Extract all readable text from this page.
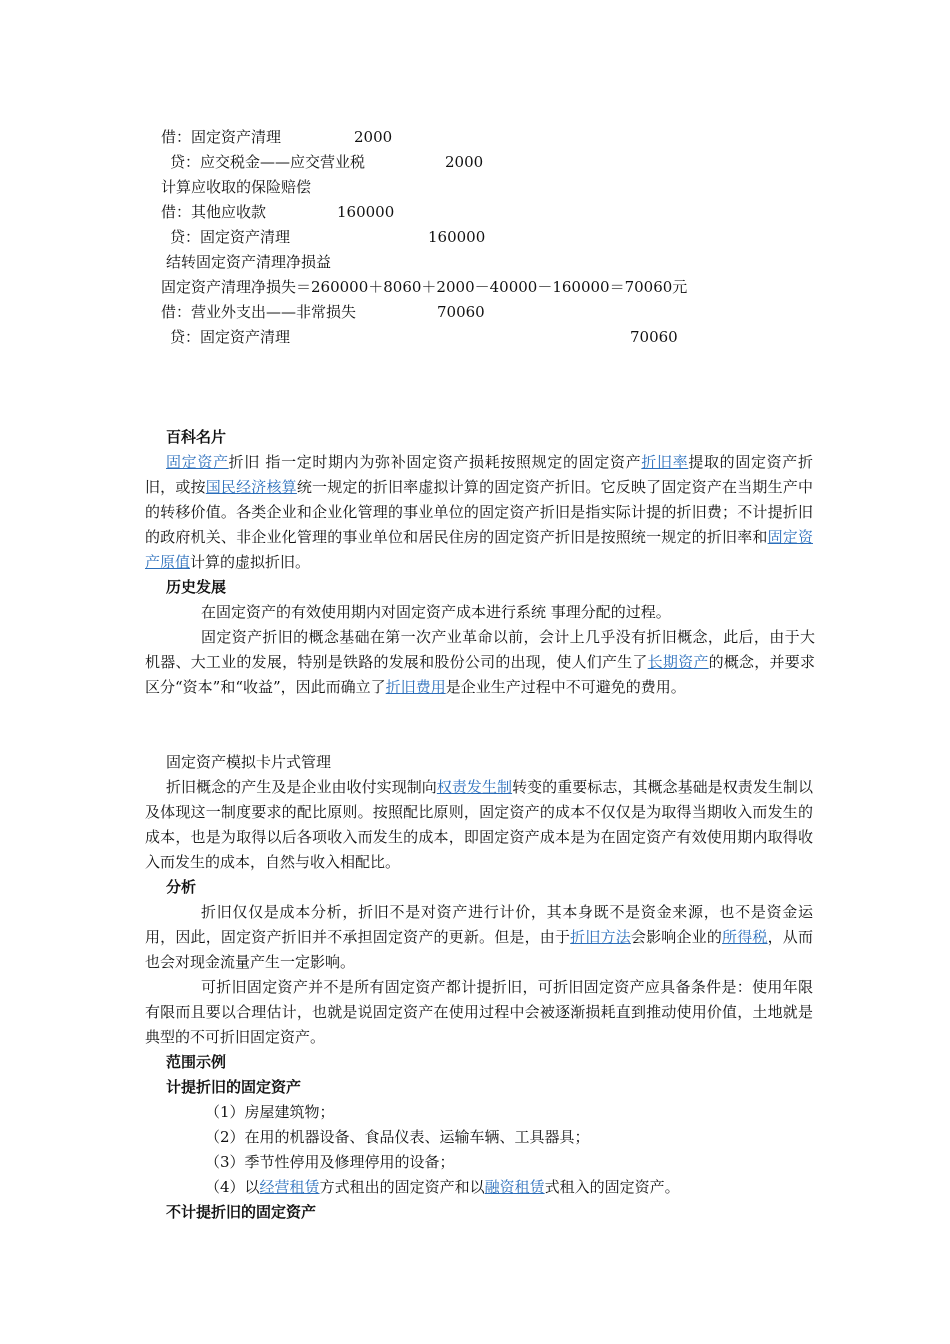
借：固定资产清理	2000
贷：应交税金——应交营业税	2000
计算应收取的保险赔偿
借：其他应收款	160000
贷：固定资产清理	160000
结转固定资产清理净损益
固定资产清理净损失＝260000＋8060＋2000－40000－160000＝70060元
借：营业外支出——非常损失	70060
贷：固定资产清理	70060
百科名片
固定资产折旧 指一定时期内为弥补固定资产损耗按照规定的固定资产折旧率提取的固定资产折旧，或按国民经济核算统一规定的折旧率虚拟计算的固定资产折旧。它反映了固定资产在当期生产中的转移价值。各类企业和企业化管理的事业单位的固定资产折旧是指实际计提的折旧费；不计提折旧的政府机关、非企业化管理的事业单位和居民住房的固定资产折旧是按照统一规定的折旧率和固定资产原值计算的虚拟折旧。
历史发展
在固定资产的有效使用期内对固定资产成本进行系统 事理分配的过程。
固定资产折旧的概念基础在第一次产业革命以前，会计上几乎没有折旧概念，此后，由于大机器、大工业的发展，特别是铁路的发展和股份公司的出现，使人们产生了长期资产的概念，并要求区分“资本”和“收益”，因此而确立了折旧费用是企业生产过程中不可避免的费用。
固定资产模拟卡片式管理
折旧概念的产生及是企业由收付实现制向权责发生制转变的重要标志，其概念基础是权责发生制以及体现这一制度要求的配比原则。按照配比原则，固定资产的成本不仅仅是为取得当期收入而发生的成本，也是为取得以后各项收入而发生的成本，即固定资产成本是为在固定资产有效使用期内取得收入而发生的成本，自然与收入相配比。
分析
折旧仅仅是成本分析，折旧不是对资产进行计价，其本身既不是资金来源，也不是资金运用，因此，固定资产折旧并不承担固定资产的更新。但是，由于折旧方法会影响企业的所得税，从而也会对现金流量产生一定影响。
可折旧固定资产并不是所有固定资产都计提折旧，可折旧固定资产应具备条件是：使用年限有限而且要以合理估计，也就是说固定资产在使用过程中会被逐渐损耗直到推动使用价值，土地就是典型的不可折旧固定资产。
范围示例
计提折旧的固定资产
（1）房屋建筑物；
（2）在用的机器设备、食品仪表、运输车辆、工具器具；
（3）季节性停用及修理停用的设备；
（4）以经营租赁方式租出的固定资产和以融资租赁式租入的固定资产。
不计提折旧的固定资产
